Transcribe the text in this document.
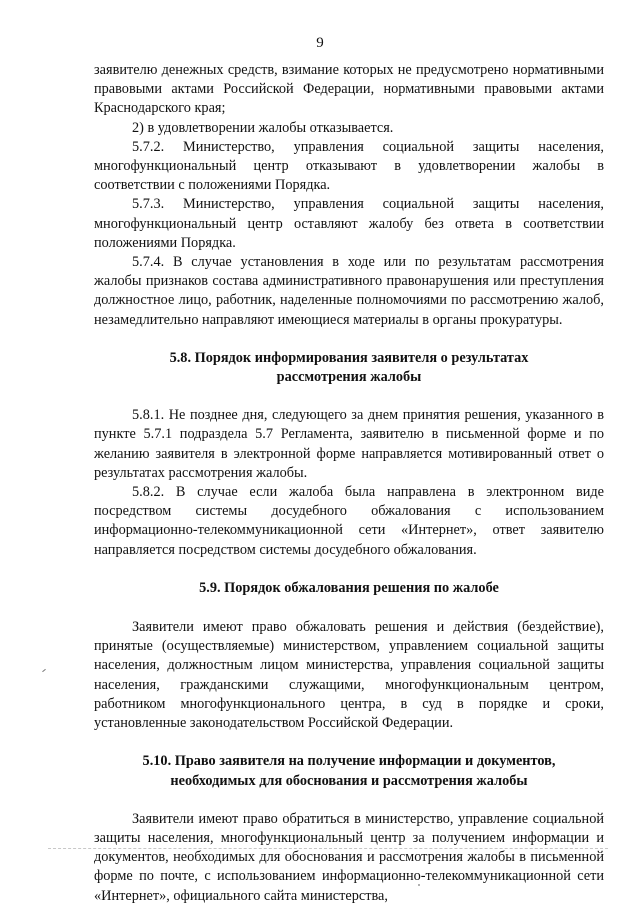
9

заявителю денежных средств, взимание которых не предусмотрено нормативными правовыми актами Российской Федерации, нормативными правовыми актами Краснодарского края;

2) в удовлетворении жалобы отказывается.

5.7.2. Министерство, управления социальной защиты населения, многофункциональный центр отказывают в удовлетворении жалобы в соответствии с положениями Порядка.

5.7.3. Министерство, управления социальной защиты населения, многофункциональный центр оставляют жалобу без ответа в соответствии положениями Порядка.

5.7.4. В случае установления в ходе или по результатам рассмотрения жалобы признаков состава административного правонарушения или преступления должностное лицо, работник, наделенные полномочиями по рассмотрению жалоб, незамедлительно направляют имеющиеся материалы в органы прокуратуры.

5.8. Порядок информирования заявителя о результатах
рассмотрения жалобы

5.8.1. Не позднее дня, следующего за днем принятия решения, указанного в пункте 5.7.1 подраздела 5.7 Регламента, заявителю в письменной форме и по желанию заявителя в электронной форме направляется мотивированный ответ о результатах рассмотрения жалобы.

5.8.2. В случае если жалоба была направлена в электронном виде посредством системы досудебного обжалования с использованием информационно-телекоммуникационной сети «Интернет», ответ заявителю направляется посредством системы досудебного обжалования.

5.9. Порядок обжалования решения по жалобе

Заявители имеют право обжаловать решения и действия (бездействие), принятые (осуществляемые) министерством, управлением социальной защиты населения, должностным лицом министерства, управления социальной защиты населения, гражданскими служащими, многофункциональным центром, работником многофункционального центра, в суд в порядке и сроки, установленные законодательством Российской Федерации.

5.10. Право заявителя на получение информации и документов,
необходимых для обоснования и рассмотрения жалобы

Заявители имеют право обратиться в министерство, управление социальной защиты населения, многофункциональный центр за получением информации и документов, необходимых для обоснования и рассмотрения жалобы в письменной форме по почте, с использованием информационно-телекоммуникационной сети «Интернет», официального сайта министерства,
